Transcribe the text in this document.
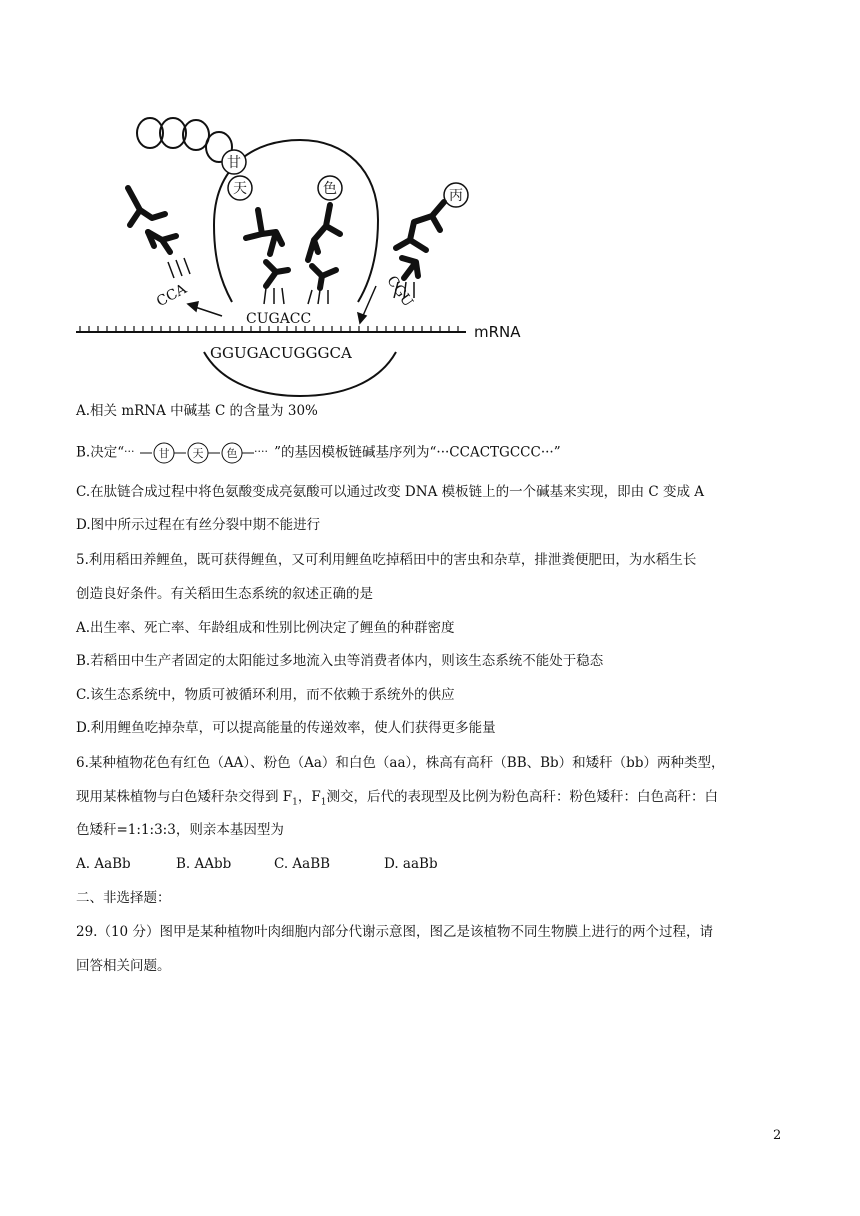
甘
天	色	丙
CCA	CGU
CUGACC
GGUGACUGGGCA
mRNA
A.相关 mRNA 中碱基 C 的含量为 30%
B.决定“ ··· 甘 天 色 ···· ”的基因模板链碱基序列为“···CCACTGCCC···”
C.在肽链合成过程中将色氨酸变成亮氨酸可以通过改变 DNA 模板链上的一个碱基来实现，即由 C 变成 A
D.图中所示过程在有丝分裂中期不能进行
5.利用稻田养鲤鱼，既可获得鲤鱼，又可利用鲤鱼吃掉稻田中的害虫和杂草，排泄粪便肥田，为水稻生长
创造良好条件。有关稻田生态系统的叙述正确的是
A.出生率、死亡率、年龄组成和性别比例决定了鲤鱼的种群密度
B.若稻田中生产者固定的太阳能过多地流入虫等消费者体内，则该生态系统不能处于稳态
C.该生态系统中，物质可被循环利用，而不依赖于系统外的供应
D.利用鲤鱼吃掉杂草，可以提高能量的传递效率，使人们获得更多能量
6.某种植物花色有红色（AA）、粉色（Aa）和白色（aa），株高有高秆（BB、Bb）和矮秆（bb）两种类型，
现用某株植物与白色矮秆杂交得到 $F_1$，$F_1$测交，后代的表现型及比例为粉色高秆：粉色矮秆：白色高秆：白
色矮秆=1:1:3:3，则亲本基因型为
A. AaBb	B. AAbb	C. AaBB	D. aaBb
二、非选择题：
29.（10 分）图甲是某种植物叶肉细胞内部分代谢示意图，图乙是该植物不同生物膜上进行的两个过程，请
回答相关问题。
2
